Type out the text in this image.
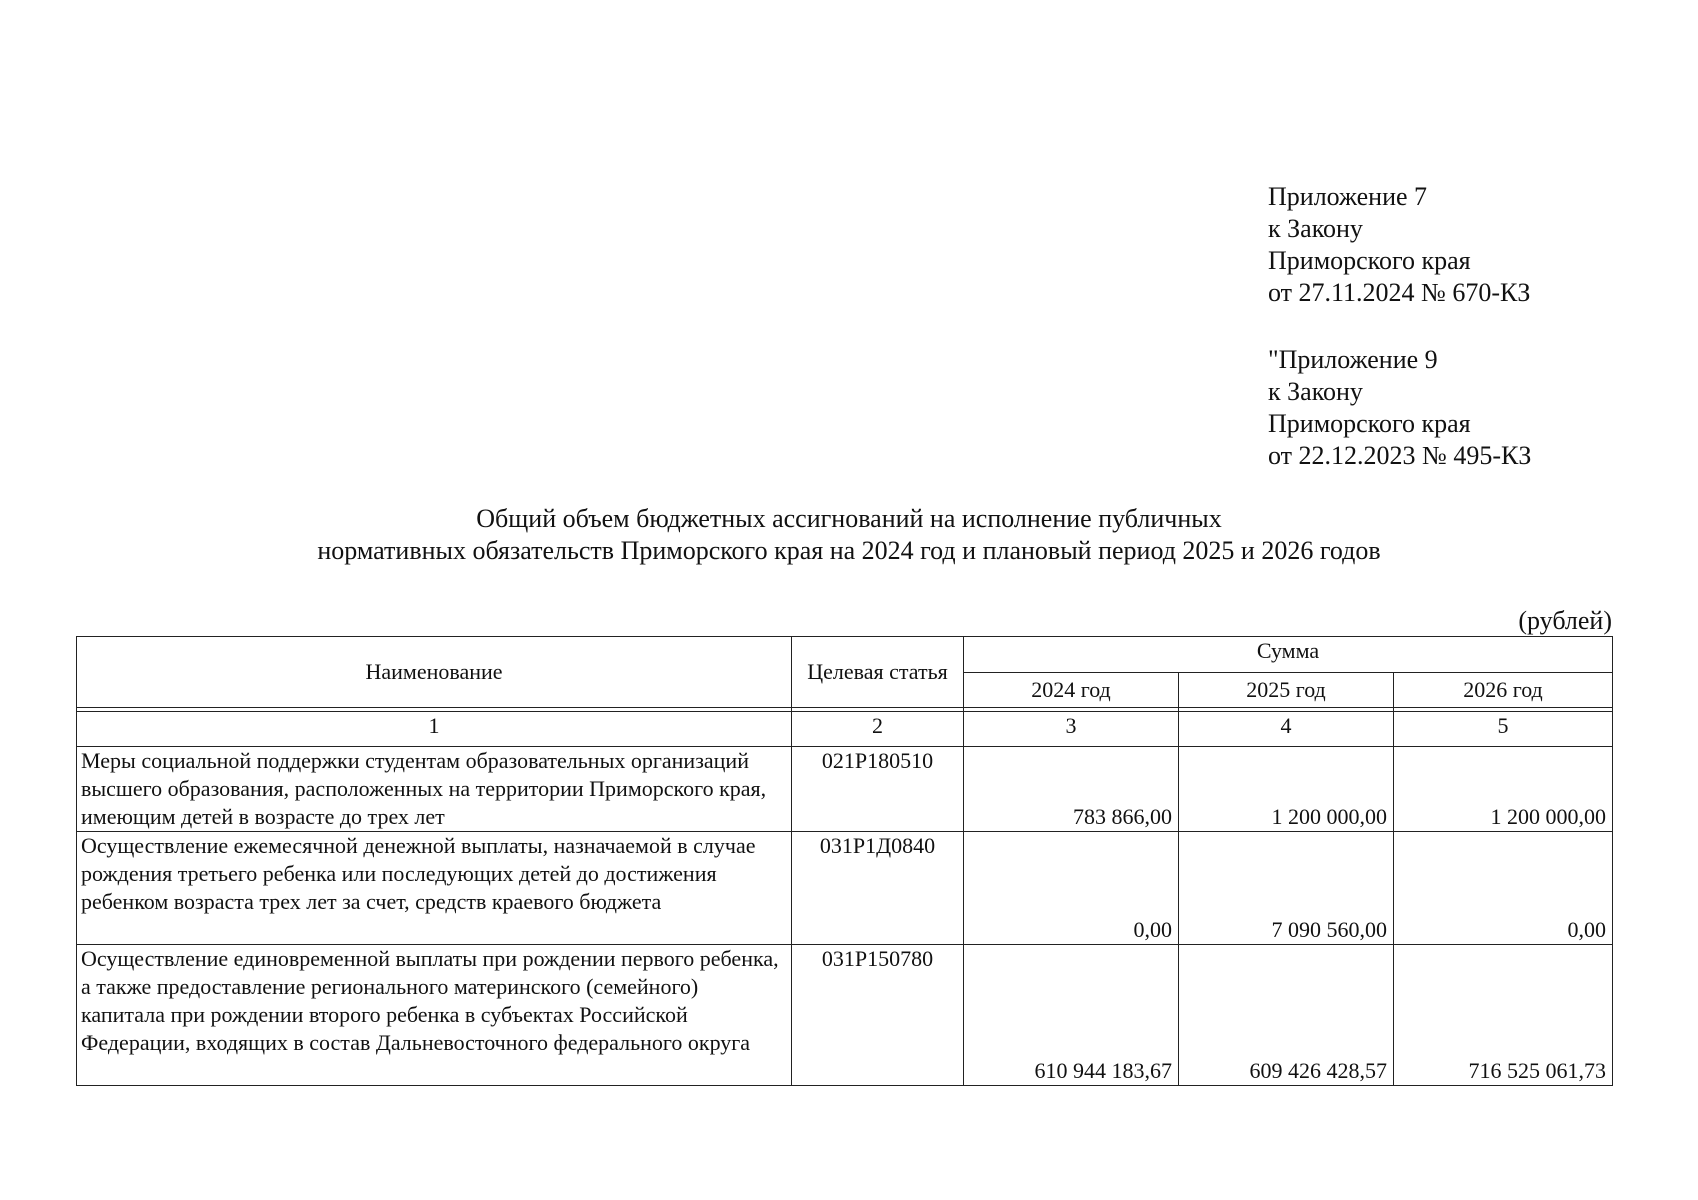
Приложение 7
к Закону
Приморского края
от 27.11.2024 № 670-КЗ
"Приложение 9
к Закону
Приморского края
от 22.12.2023 № 495-КЗ
Общий объем бюджетных ассигнований на исполнение публичных
нормативных обязательств Приморского края на 2024 год и плановый период 2025 и 2026 годов
(рублей)
Наименование	Целевая статья	Сумма		
		2024 год	2025 год	2026 год

1	2	3	4	5
Меры социальной поддержки студентам образовательных организаций высшего образования, расположенных на территории Приморского края, имеющим детей в возрасте до трех лет	021P180510	783 866,00	1 200 000,00	1 200 000,00
Осуществление ежемесячной денежной выплаты, назначаемой в случае рождения третьего ребенка или последующих детей до достижения ребенком возраста трех лет за счет, средств краевого бюджета	031P1Д0840	0,00	7 090 560,00	0,00
Осуществление единовременной выплаты при рождении первого ребенка, а также предоставление регионального материнского (семейного) капитала при рождении второго ребенка в субъектах Российской Федерации, входящих в состав Дальневосточного федерального округа	031P150780	610 944 183,67	609 426 428,57	716 525 061,73
